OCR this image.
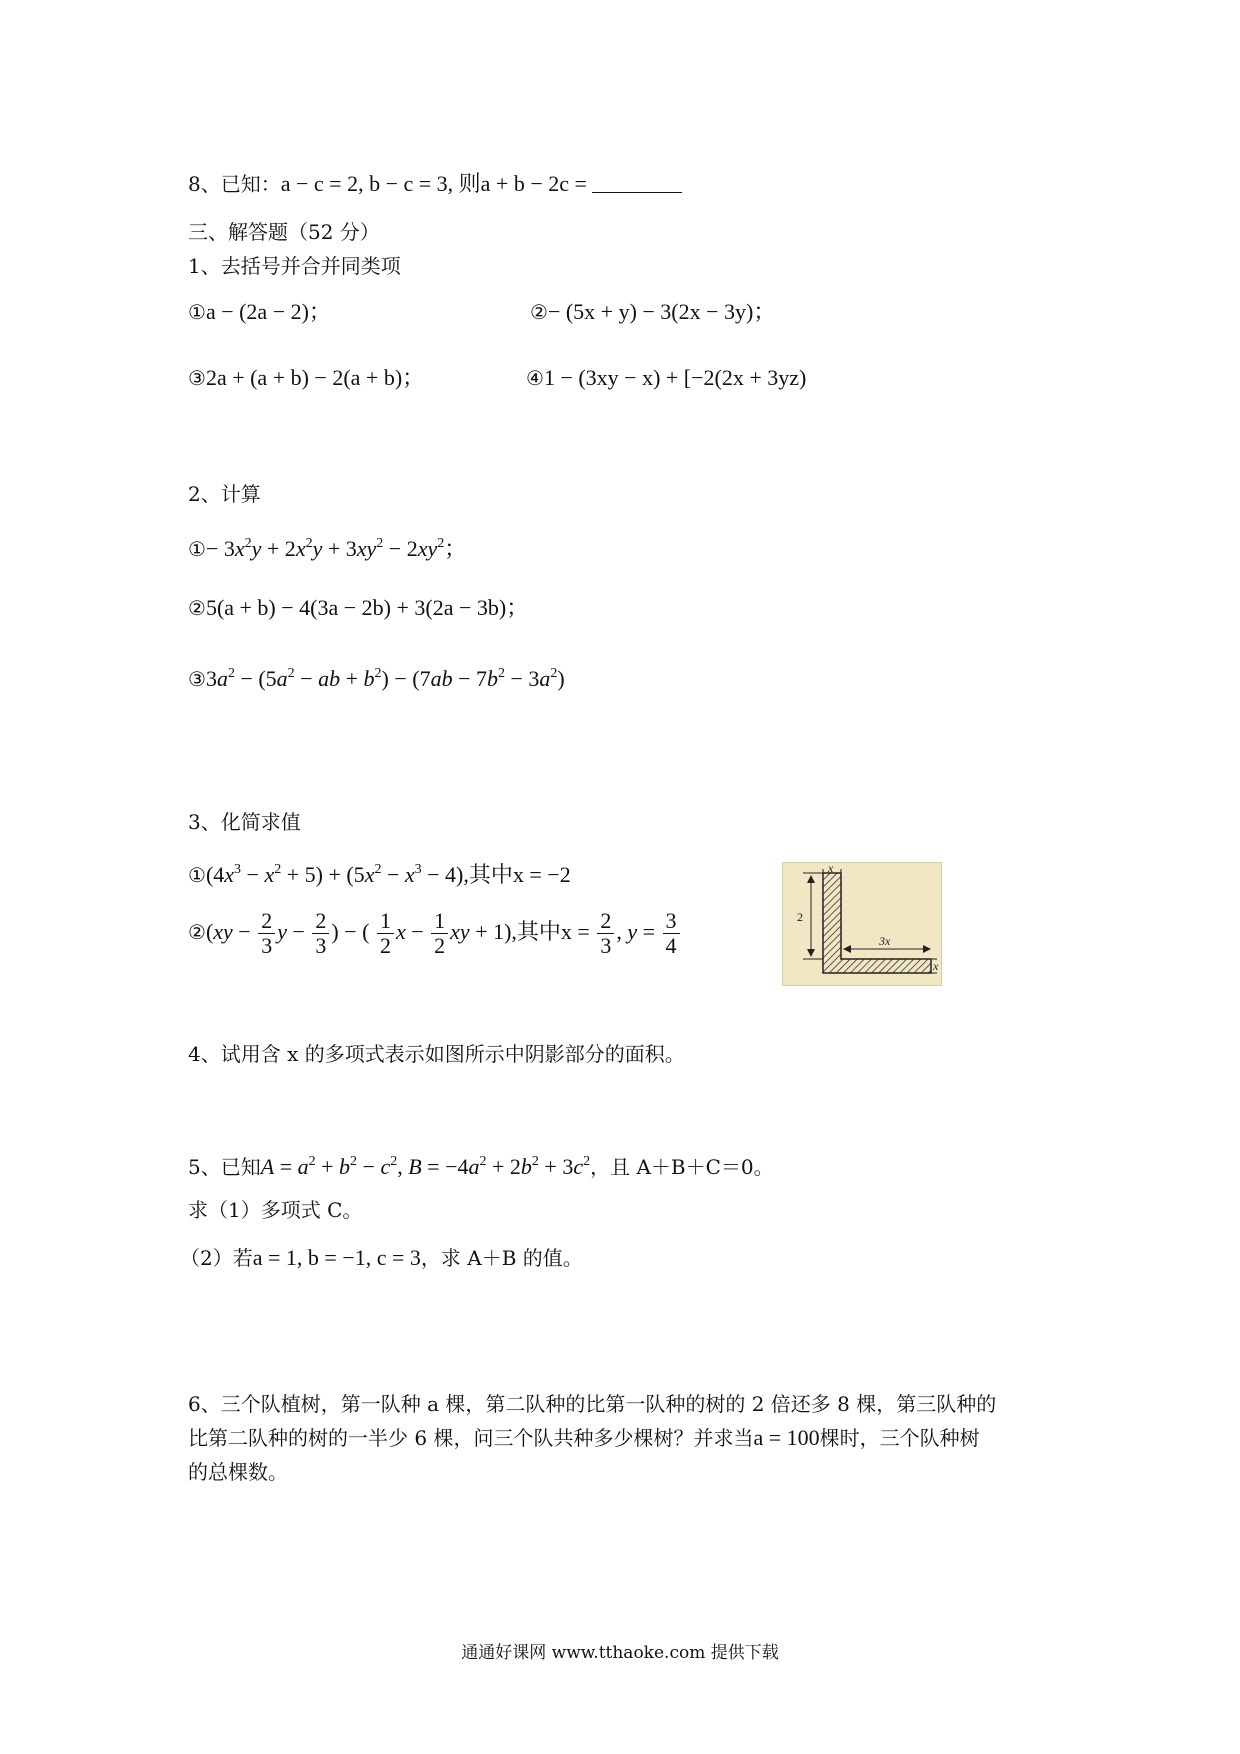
8、已知：a − c = 2, b − c = 3, 则a + b − 2c =
三、解答题（52 分）
1、去括号并合并同类项
①a − (2a − 2)；	②− (5x + y) − 3(2x − 3y)；
③2a + (a + b) − 2(a + b)；	④1 − (3xy − x) + [−2(2x + 3yz)
2、计算
①− $3x^2y + 2x^2y + 3xy^2 - 2xy^2$；
②5(a + b) − 4(3a − 2b) + 3(2a − 3b)；
$③3a^2 - (5a^2$ − ab + $b^2) - (7ab - 7b^2 - 3a^2)$
3、化简求值
$①(4x^3 - x^2 + 5) + (5x^2 - x^3 - 4)$,其中x = −2
②(xy − $\frac{2}{3}$ $y - \frac{2}{3}$ ) − ( $\frac{1}{2}$ $x - \frac{1}{2}$ xy + 1),其中$x = \frac{2}{3}$ , $y = \frac{3}{4}$
x
2
3x
x
4、试用含 x 的多项式表示如图所示中阴影部分的面积。
5、已知$A = a^2 + b^2 - c^2$, $B = -4a^2 + 2b^2 + 3c^2$，且 A＋B＋C＝0。
求（1）多项式 C。
（2）若a = 1, b = −1, c = 3，求 A＋B 的值。
6、三个队植树，第一队种 a 棵，第二队种的比第一队种的树的 2 倍还多 8 棵，第三队种的
比第二队种的树的一半少 6 棵，问三个队共种多少棵树？并求当a = 100棵时，三个队种树
的总棵数。
通通好课网 www.tthaoke.com 提供下载
